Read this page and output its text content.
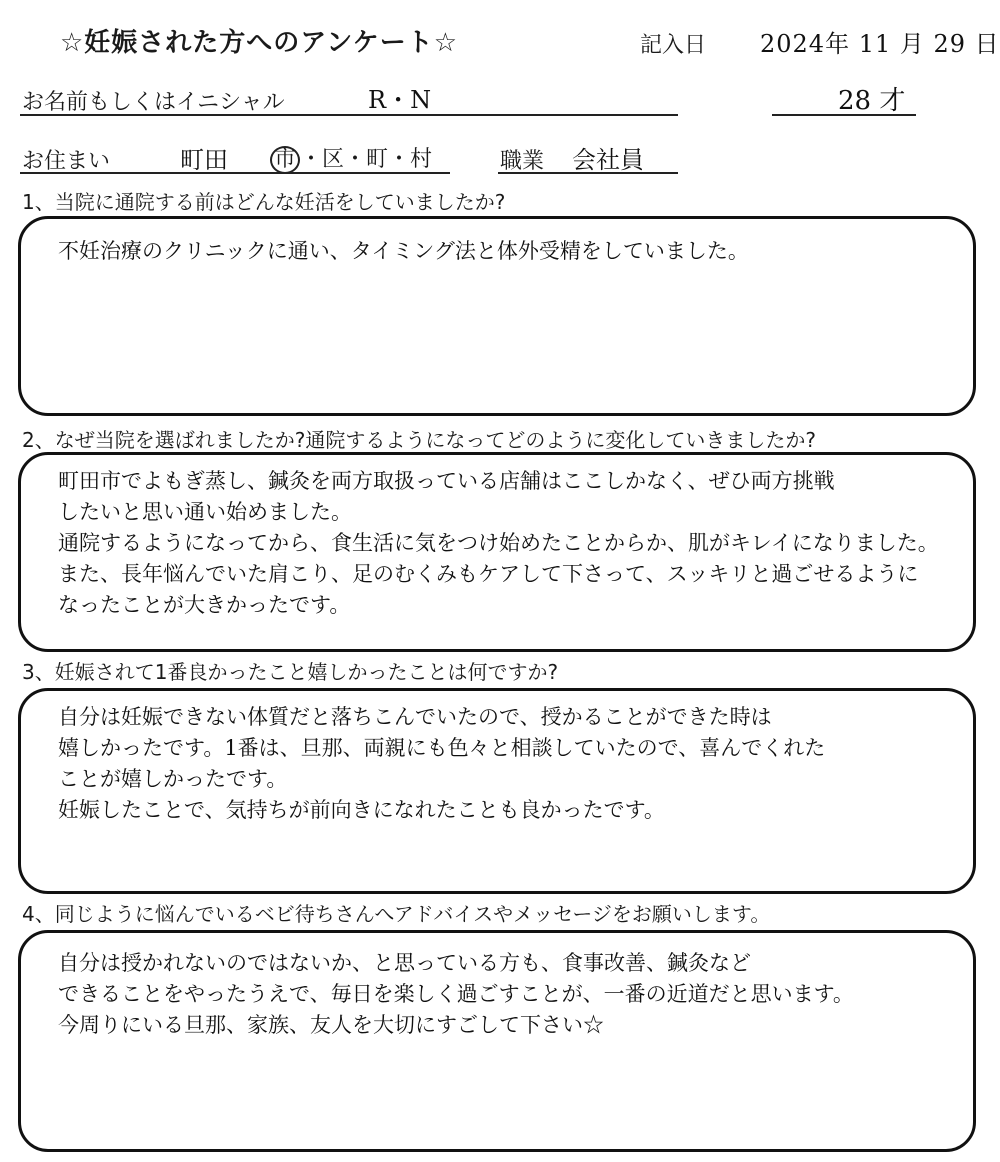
☆妊娠された方へのアンケート☆	記入日 2024年 11 月 29 日
お名前もしくはイニシャル	R・N	28 才
お住まい	町田 市 ・区・町・村	職業 会社員
1、当院に通院する前はどんな妊活をしていましたか?
不妊治療のクリニックに通い、タイミング法と体外受精をしていました。
2、なぜ当院を選ばれましたか?通院するようになってどのように変化していきましたか?
町田市でよもぎ蒸し、鍼灸を両方取扱っている店舗はここしかなく、ぜひ両方挑戦
したいと思い通い始めました。
通院するようになってから、食生活に気をつけ始めたことからか、肌がキレイになりました。
また、長年悩んでいた肩こり、足のむくみもケアして下さって、スッキリと過ごせるように
なったことが大きかったです。
3、妊娠されて1番良かったこと嬉しかったことは何ですか?
自分は妊娠できない体質だと落ちこんでいたので、授かることができた時は
嬉しかったです。1番は、旦那、両親にも色々と相談していたので、喜んでくれた
ことが嬉しかったです。
妊娠したことで、気持ちが前向きになれたことも良かったです。
4、同じように悩んでいるベビ待ちさんへアドバイスやメッセージをお願いします。
自分は授かれないのではないか、と思っている方も、食事改善、鍼灸など
できることをやったうえで、毎日を楽しく過ごすことが、一番の近道だと思います。
今周りにいる旦那、家族、友人を大切にすごして下さい☆
